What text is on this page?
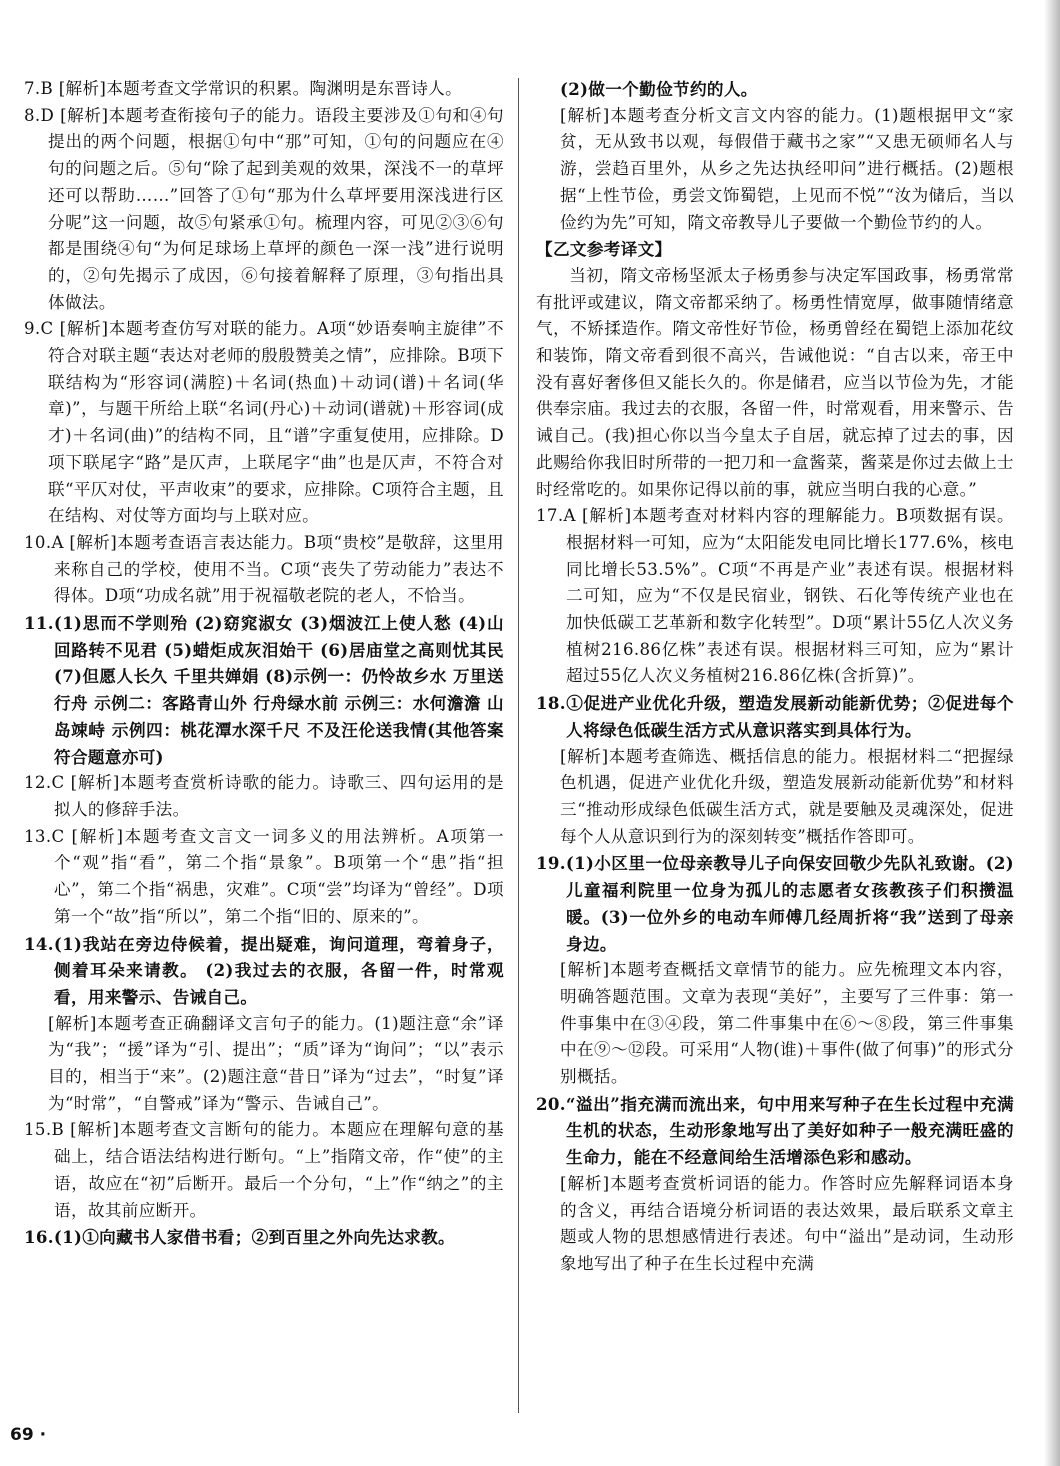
7.B [解析]本题考查文学常识的积累。陶渊明是东晋诗人。

8.D [解析]本题考查衔接句子的能力。语段主要涉及①句和④句提出的两个问题，根据①句中“那”可知，①句的问题应在④句的问题之后。⑤句“除了起到美观的效果，深浅不一的草坪还可以帮助……”回答了①句“那为什么草坪要用深浅进行区分呢”这一问题，故⑤句紧承①句。梳理内容，可见②③⑥句都是围绕④句“为何足球场上草坪的颜色一深一浅”进行说明的，②句先揭示了成因，⑥句接着解释了原理，③句指出具体做法。

9.C [解析]本题考查仿写对联的能力。A项“妙语奏响主旋律”不符合对联主题“表达对老师的殷殷赞美之情”，应排除。B项下联结构为“形容词(满腔)＋名词(热血)＋动词(谱)＋名词(华章)”，与题干所给上联“名词(丹心)＋动词(谱就)＋形容词(成才)＋名词(曲)”的结构不同，且“谱”字重复使用，应排除。D项下联尾字“路”是仄声，上联尾字“曲”也是仄声，不符合对联“平仄对仗，平声收束”的要求，应排除。C项符合主题，且在结构、对仗等方面均与上联对应。

10.A [解析]本题考查语言表达能力。B项“贵校”是敬辞，这里用来称自己的学校，使用不当。C项“丧失了劳动能力”表达不得体。D项“功成名就”用于祝福敬老院的老人，不恰当。

11.(1)思而不学则殆 (2)窈窕淑女 (3)烟波江上使人愁 (4)山回路转不见君 (5)蜡炬成灰泪始干 (6)居庙堂之高则忧其民 (7)但愿人长久 千里共婵娟 (8)示例一：仍怜故乡水 万里送行舟 示例二：客路青山外 行舟绿水前 示例三：水何澹澹 山岛竦峙 示例四：桃花潭水深千尺 不及汪伦送我情(其他答案符合题意亦可)

12.C [解析]本题考查赏析诗歌的能力。诗歌三、四句运用的是拟人的修辞手法。

13.C [解析]本题考查文言文一词多义的用法辨析。A项第一个“观”指“看”，第二个指“景象”。B项第一个“患”指“担心”，第二个指“祸患，灾难”。C项“尝”均译为“曾经”。D项第一个“故”指“所以”，第二个指“旧的、原来的”。

14.(1)我站在旁边侍候着，提出疑难，询问道理，弯着身子，侧着耳朵来请教。 (2)我过去的衣服，各留一件，时常观看，用来警示、告诫自己。

[解析]本题考查正确翻译文言句子的能力。(1)题注意“余”译为“我”；“援”译为“引、提出”；“质”译为“询问”；“以”表示目的，相当于“来”。(2)题注意“昔日”译为“过去”，“时复”译为“时常”，“自警戒”译为“警示、告诫自己”。

15.B [解析]本题考查文言断句的能力。本题应在理解句意的基础上，结合语法结构进行断句。“上”指隋文帝，作“使”的主语，故应在“初”后断开。最后一个分句，“上”作“纳之”的主语，故其前应断开。

16.(1)①向藏书人家借书看；②到百里之外向先达求教。

(2)做一个勤俭节约的人。

[解析]本题考查分析文言文内容的能力。(1)题根据甲文“家贫，无从致书以观，每假借于藏书之家”“又患无硕师名人与游，尝趋百里外，从乡之先达执经叩问”进行概括。(2)题根据“上性节俭，勇尝文饰蜀铠，上见而不悦”“汝为储后，当以俭约为先”可知，隋文帝教导儿子要做一个勤俭节约的人。

【乙文参考译文】

当初，隋文帝杨坚派太子杨勇参与决定军国政事，杨勇常常有批评或建议，隋文帝都采纳了。杨勇性情宽厚，做事随情绪意气，不矫揉造作。隋文帝性好节俭，杨勇曾经在蜀铠上添加花纹和装饰，隋文帝看到很不高兴，告诫他说：“自古以来，帝王中没有喜好奢侈但又能长久的。你是储君，应当以节俭为先，才能供奉宗庙。我过去的衣服，各留一件，时常观看，用来警示、告诫自己。(我)担心你以当今皇太子自居，就忘掉了过去的事，因此赐给你我旧时所带的一把刀和一盒酱菜，酱菜是你过去做上士时经常吃的。如果你记得以前的事，就应当明白我的心意。”

17.A [解析]本题考查对材料内容的理解能力。B项数据有误。根据材料一可知，应为“太阳能发电同比增长177.6%，核电同比增长53.5%”。C项“不再是产业”表述有误。根据材料二可知，应为“不仅是民宿业，钢铁、石化等传统产业也在加快低碳工艺革新和数字化转型”。D项“累计55亿人次义务植树216.86亿株”表述有误。根据材料三可知，应为“累计超过55亿人次义务植树216.86亿株(含折算)”。

18.①促进产业优化升级，塑造发展新动能新优势；②促进每个人将绿色低碳生活方式从意识落实到具体行为。

[解析]本题考查筛选、概括信息的能力。根据材料二“把握绿色机遇，促进产业优化升级，塑造发展新动能新优势”和材料三“推动形成绿色低碳生活方式，就是要触及灵魂深处，促进每个人从意识到行为的深刻转变”概括作答即可。

19.(1)小区里一位母亲教导儿子向保安回敬少先队礼致谢。(2)儿童福利院里一位身为孤儿的志愿者女孩教孩子们积攒温暖。(3)一位外乡的电动车师傅几经周折将“我”送到了母亲身边。

[解析]本题考查概括文章情节的能力。应先梳理文本内容，明确答题范围。文章为表现“美好”，主要写了三件事：第一件事集中在③④段，第二件事集中在⑥～⑧段，第三件事集中在⑨～⑫段。可采用“人物(谁)＋事件(做了何事)”的形式分别概括。

20.“溢出”指充满而流出来，句中用来写种子在生长过程中充满生机的状态，生动形象地写出了美好如种子一般充满旺盛的生命力，能在不经意间给生活增添色彩和感动。

[解析]本题考查赏析词语的能力。作答时应先解释词语本身的含义，再结合语境分析词语的表达效果，最后联系文章主题或人物的思想感情进行表述。句中“溢出”是动词，生动形象地写出了种子在生长过程中充满

69 ·
